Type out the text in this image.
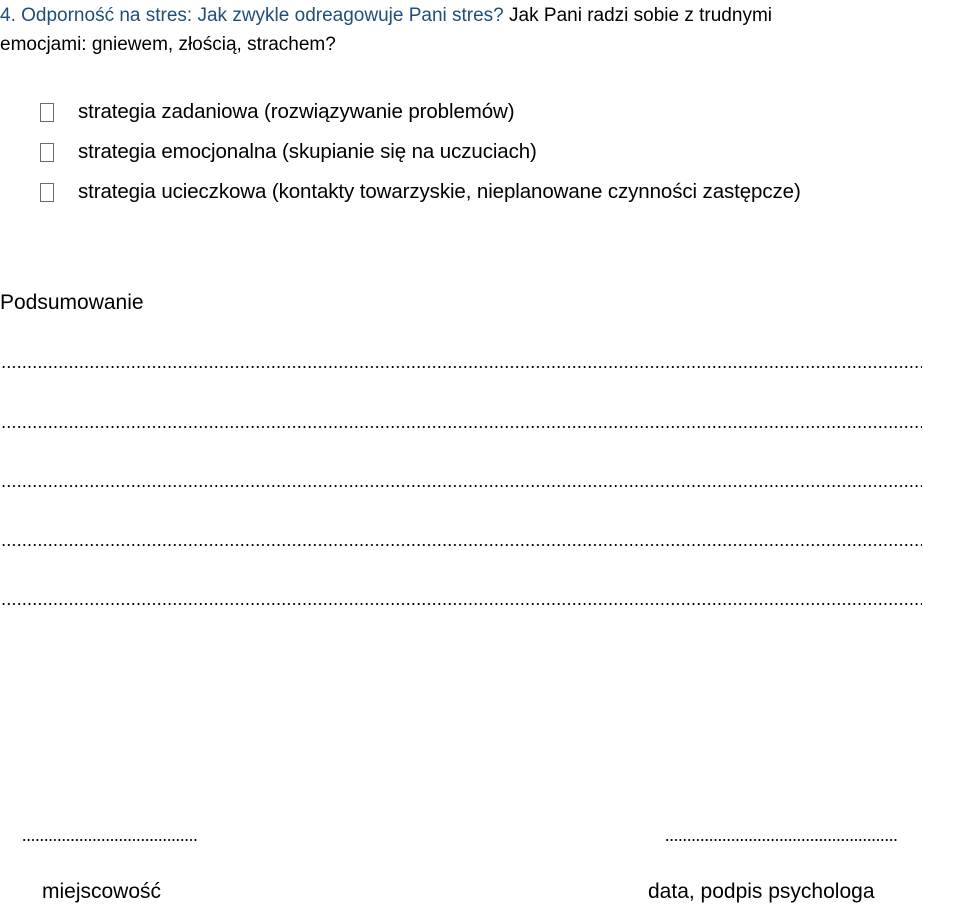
4. Odporność na stres: Jak zwykle odreagowuje Pani stres? Jak Pani radzi sobie z trudnymi
emocjami: gniewem, złością, strachem?
strategia zadaniowa (rozwiązywanie problemów)
strategia emocjonalna (skupianie się na uczuciach)
strategia ucieczkowa (kontakty towarzyskie, nieplanowane czynności zastępcze)
Podsumowanie
miejscowość	data, podpis psychologa
